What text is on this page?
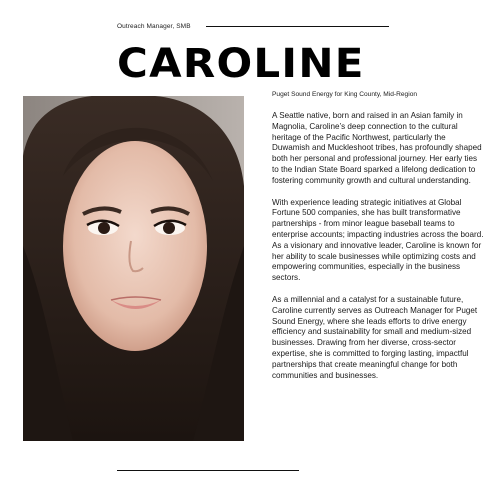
Outreach Manager, SMB
CAROLINE
Puget Sound Energy for King County, Mid-Region

A Seattle native, born and raised in an Asian family in Magnolia, Caroline’s deep connection to the cultural heritage of the Pacific Northwest, particularly the Duwamish and Muckleshoot tribes, has profoundly shaped both her personal and professional journey. Her early ties to the Indian State Board sparked a lifelong dedication to fostering community growth and cultural understanding.

With experience leading strategic initiatives at Global Fortune 500 companies, she has built transformative partnerships - from minor league baseball teams to enterprise accounts; impacting industries across the board. As a visionary and innovative leader, Caroline is known for her ability to scale businesses while optimizing costs and empowering communities, especially in the business sectors.

As a millennial and a catalyst for a sustainable future, Caroline currently serves as Outreach Manager for Puget Sound Energy, where she leads efforts to drive energy efficiency and sustainability for small and medium-sized businesses. Drawing from her diverse, cross-sector expertise, she is committed to forging lasting, impactful partnerships that create meaningful change for both communities and businesses.
